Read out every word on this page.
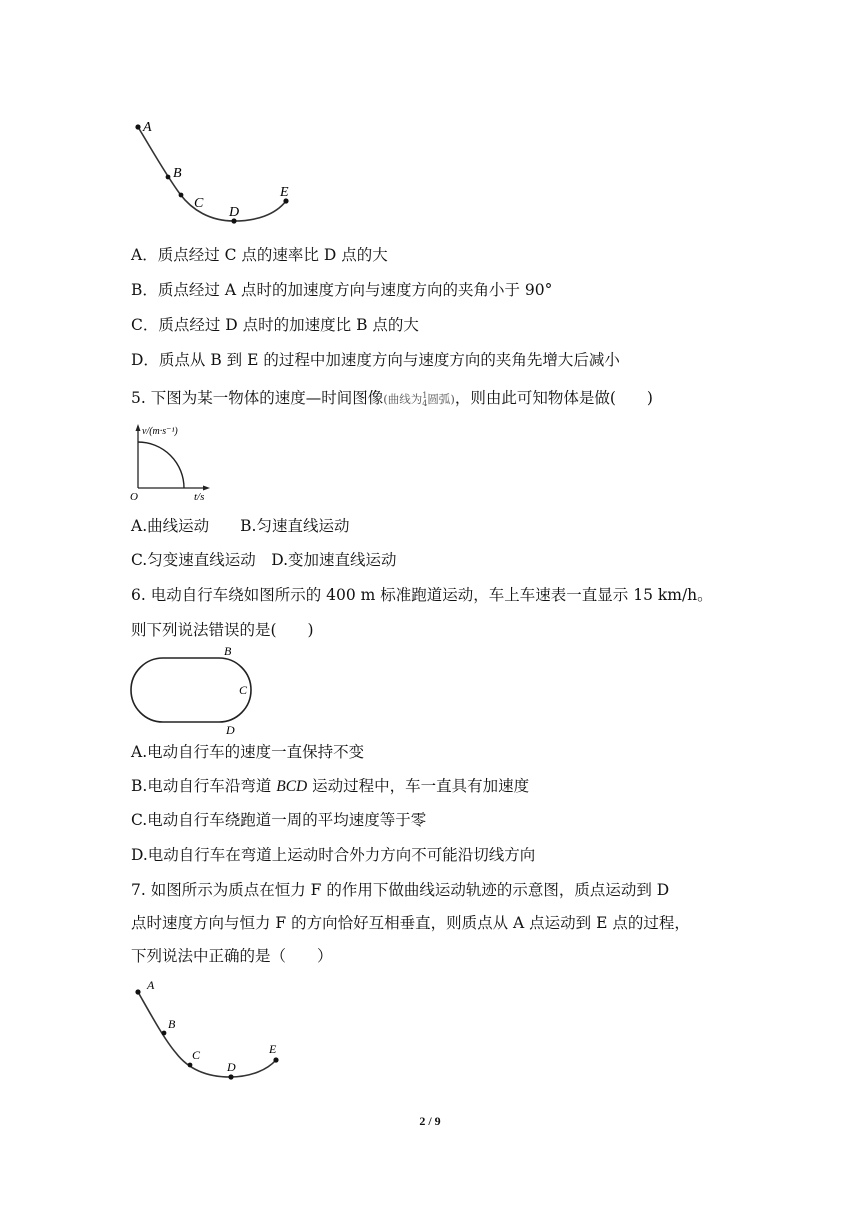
A
B
C
D
E
A．质点经过 C 点的速率比 D 点的大
B．质点经过 A 点时的加速度方向与速度方向的夹角小于 90°
C．质点经过 D 点时的加速度比 B 点的大
D．质点从 B 到 E 的过程中加速度方向与速度方向的夹角先增大后减小
5. 下图为某一物体的速度—时间图像(曲线为 1
4 圆弧)，则由此可知物体是做(　　)
v/(m·s⁻¹)
t/s
O
A.曲线运动　　B.匀速直线运动
C.匀变速直线运动　D.变加速直线运动
6. 电动自行车绕如图所示的 400 m 标准跑道运动，车上车速表一直显示 15 km/h。
则下列说法错误的是(　　)
B
C
D
A.电动自行车的速度一直保持不变
B.电动自行车沿弯道 BCD 运动过程中，车一直具有加速度
C.电动自行车绕跑道一周的平均速度等于零
D.电动自行车在弯道上运动时合外力方向不可能沿切线方向
7. 如图所示为质点在恒力 F 的作用下做曲线运动轨迹的示意图，质点运动到 D
点时速度方向与恒力 F 的方向恰好互相垂直，则质点从 A 点运动到 E 点的过程，
下列说法中正确的是（　　）
A
B
C
D
E
2 / 9
